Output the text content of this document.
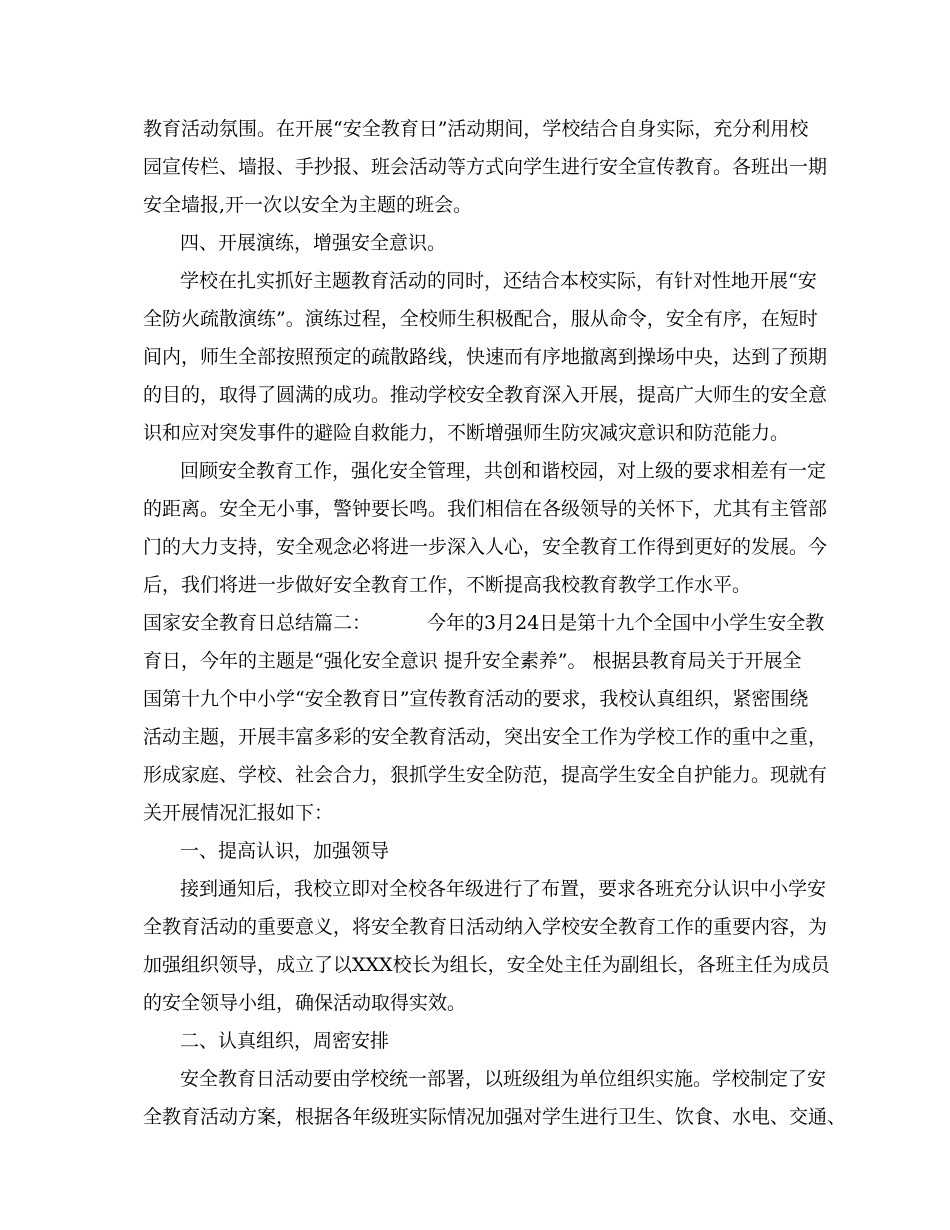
教育活动氛围。在开展“安全教育日”活动期间，学校结合自身实际，充分利用校
园宣传栏、墙报、手抄报、班会活动等方式向学生进行安全宣传教育。各班出一期
安全墙报,开一次以安全为主题的班会。
四、开展演练，增强安全意识。
学校在扎实抓好主题教育活动的同时，还结合本校实际，有针对性地开展“安
全防火疏散演练”。演练过程，全校师生积极配合，服从命令，安全有序，在短时
间内，师生全部按照预定的疏散路线，快速而有序地撤离到操场中央，达到了预期
的目的，取得了圆满的成功。推动学校安全教育深入开展，提高广大师生的安全意
识和应对突发事件的避险自救能力，不断增强师生防灾减灾意识和防范能力。
回顾安全教育工作，强化安全管理，共创和谐校园，对上级的要求相差有一定
的距离。安全无小事，警钟要长鸣。我们相信在各级领导的关怀下，尤其有主管部
门的大力支持，安全观念必将进一步深入人心，安全教育工作得到更好的发展。今
后，我们将进一步做好安全教育工作，不断提高我校教育教学工作水平。
国家安全教育日总结篇二：	今年的3月24日是第十九个全国中小学生安全教
育日，今年的主题是“强化安全意识 提升安全素养”。 根据县教育局关于开展全
国第十九个中小学“安全教育日”宣传教育活动的要求，我校认真组织，紧密围绕
活动主题，开展丰富多彩的安全教育活动，突出安全工作为学校工作的重中之重，
形成家庭、学校、社会合力，狠抓学生安全防范，提高学生安全自护能力。现就有
关开展情况汇报如下：
一、提高认识，加强领导
接到通知后，我校立即对全校各年级进行了布置，要求各班充分认识中小学安
全教育活动的重要意义，将安全教育日活动纳入学校安全教育工作的重要内容，为
加强组织领导，成立了以XXX校长为组长，安全处主任为副组长，各班主任为成员
的安全领导小组，确保活动取得实效。
二、认真组织，周密安排
安全教育日活动要由学校统一部署，以班级组为单位组织实施。学校制定了安
全教育活动方案，根据各年级班实际情况加强对学生进行卫生、饮食、水电、交通、
